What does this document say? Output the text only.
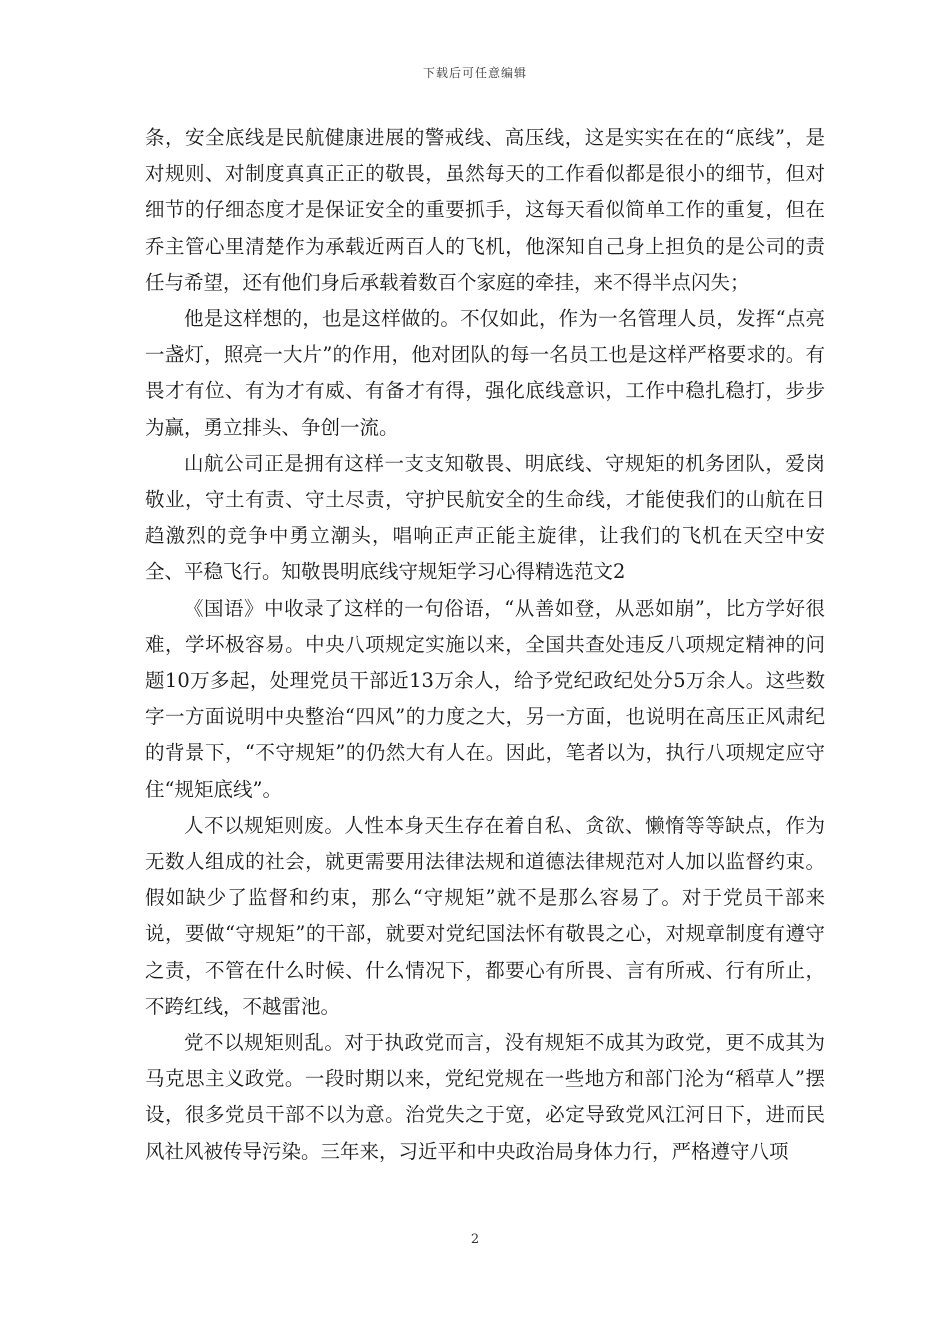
下载后可任意编辑

条，安全底线是民航健康进展的警戒线、高压线，这是实实在在的“底线”，是对规则、对制度真真正正的敬畏，虽然每天的工作看似都是很小的细节，但对细节的仔细态度才是保证安全的重要抓手，这每天看似简单工作的重复，但在乔主管心里清楚作为承载近两百人的飞机，他深知自己身上担负的是公司的责任与希望，还有他们身后承载着数百个家庭的牵挂，来不得半点闪失；

他是这样想的，也是这样做的。不仅如此，作为一名管理人员，发挥“点亮一盏灯，照亮一大片”的作用，他对团队的每一名员工也是这样严格要求的。有畏才有位、有为才有威、有备才有得，强化底线意识，工作中稳扎稳打，步步为赢，勇立排头、争创一流。

山航公司正是拥有这样一支支知敬畏、明底线、守规矩的机务团队，爱岗敬业，守土有责、守土尽责，守护民航安全的生命线，才能使我们的山航在日趋激烈的竞争中勇立潮头，唱响正声正能主旋律，让我们的飞机在天空中安全、平稳飞行。知敬畏明底线守规矩学习心得精选范文2

《国语》中收录了这样的一句俗语，“从善如登，从恶如崩”，比方学好很难，学坏极容易。中央八项规定实施以来，全国共查处违反八项规定精神的问题10万多起，处理党员干部近13万余人，给予党纪政纪处分5万余人。这些数字一方面说明中央整治“四风”的力度之大，另一方面，也说明在高压正风肃纪的背景下，“不守规矩”的仍然大有人在。因此，笔者以为，执行八项规定应守住“规矩底线”。

人不以规矩则废。人性本身天生存在着自私、贪欲、懒惰等等缺点，作为无数人组成的社会，就更需要用法律法规和道德法律规范对人加以监督约束。假如缺少了监督和约束，那么“守规矩”就不是那么容易了。对于党员干部来说，要做“守规矩”的干部，就要对党纪国法怀有敬畏之心，对规章制度有遵守之责，不管在什么时候、什么情况下，都要心有所畏、言有所戒、行有所止，不跨红线，不越雷池。

党不以规矩则乱。对于执政党而言，没有规矩不成其为政党，更不成其为马克思主义政党。一段时期以来，党纪党规在一些地方和部门沦为“稻草人”摆设，很多党员干部不以为意。治党失之于宽，必定导致党风江河日下，进而民风社风被传导污染。三年来，习近平和中央政治局身体力行，严格遵守八项

2
